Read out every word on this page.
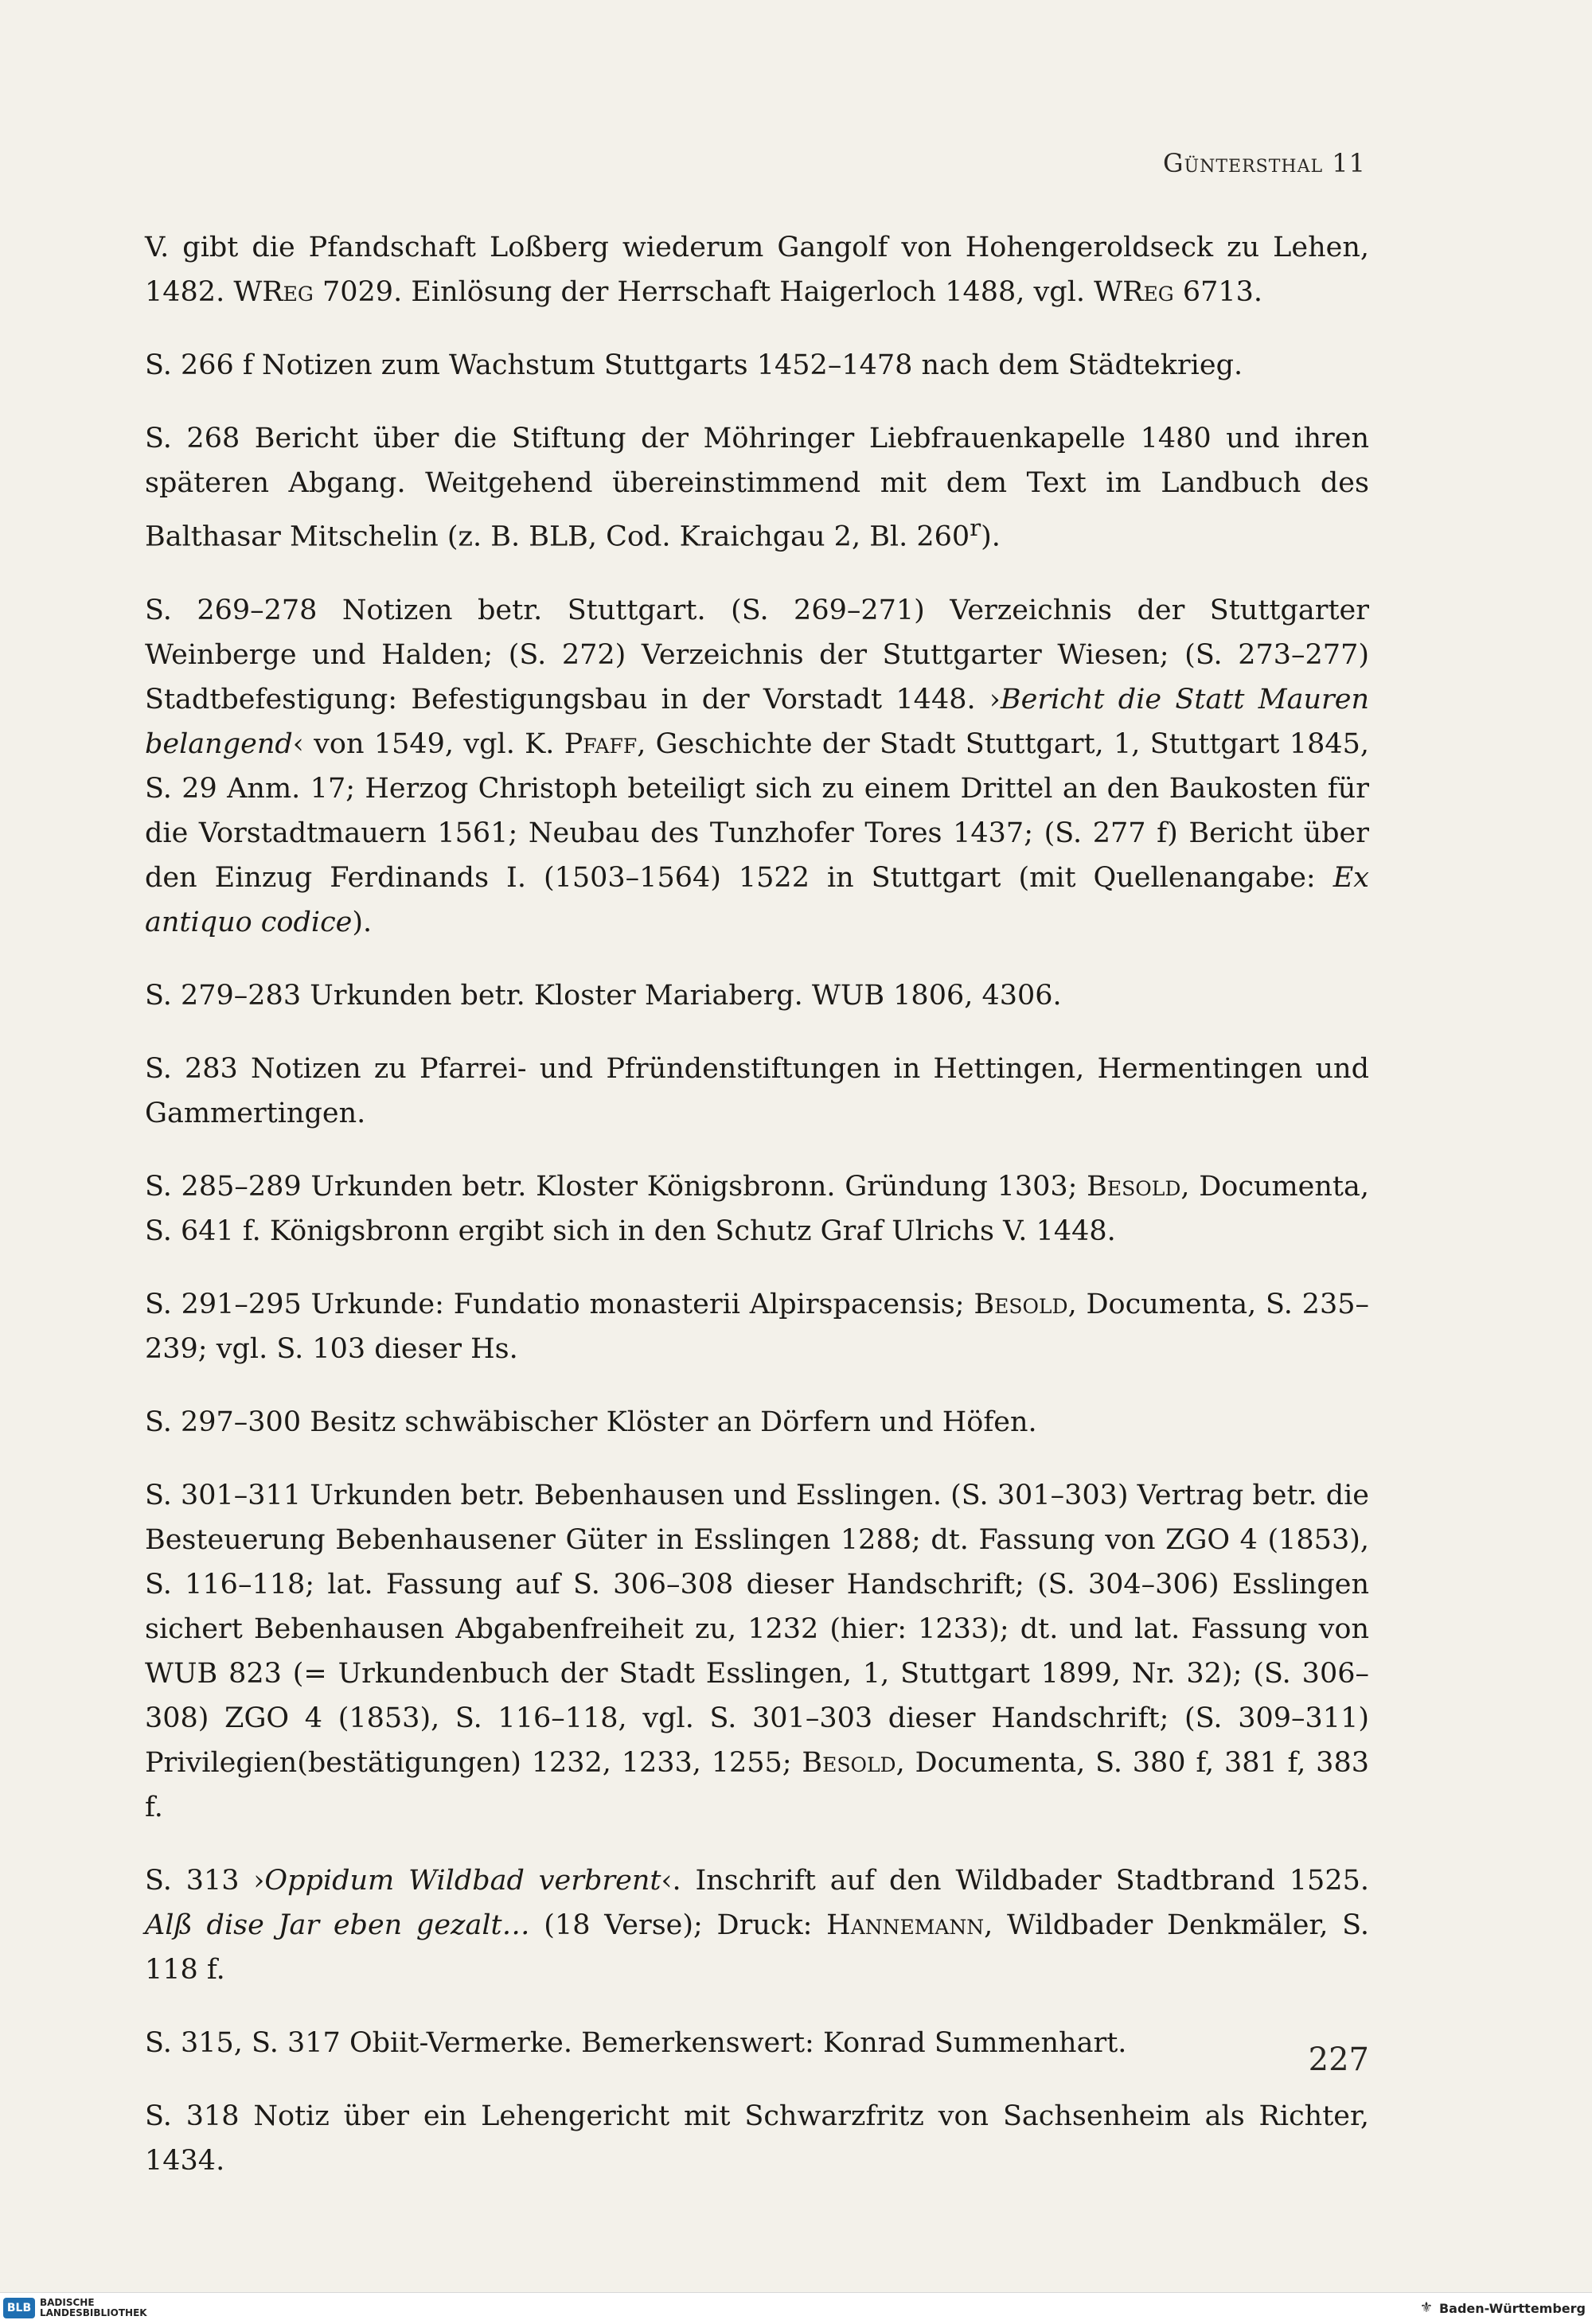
Güntersthal 11

V. gibt die Pfandschaft Loßberg wiederum Gangolf von Hohengeroldseck zu Lehen, 1482. WReg 7029. Einlösung der Herrschaft Haigerloch 1488, vgl. WReg 6713.

S. 266 f Notizen zum Wachstum Stuttgarts 1452–1478 nach dem Städtekrieg.

S. 268 Bericht über die Stiftung der Möhringer Liebfrauenkapelle 1480 und ihren späteren Abgang. Weitgehend übereinstimmend mit dem Text im Landbuch des Balthasar Mitschelin (z. B. BLB, Cod. Kraichgau 2, Bl. 260$^r$).

S. 269–278 Notizen betr. Stuttgart. (S. 269–271) Verzeichnis der Stuttgarter Weinberge und Halden; (S. 272) Verzeichnis der Stuttgarter Wiesen; (S. 273–277) Stadtbefestigung: Befestigungsbau in der Vorstadt 1448. ›Bericht die Statt Mauren belangend‹ von 1549, vgl. K. Pfaff, Geschichte der Stadt Stuttgart, 1, Stuttgart 1845, S. 29 Anm. 17; Herzog Christoph beteiligt sich zu einem Drittel an den Baukosten für die Vorstadtmauern 1561; Neubau des Tunzhofer Tores 1437; (S. 277 f) Bericht über den Einzug Ferdinands I. (1503–1564) 1522 in Stuttgart (mit Quellenangabe: Ex antiquo codice).

S. 279–283 Urkunden betr. Kloster Mariaberg. WUB 1806, 4306.

S. 283 Notizen zu Pfarrei- und Pfründenstiftungen in Hettingen, Hermentingen und Gammertingen.

S. 285–289 Urkunden betr. Kloster Königsbronn. Gründung 1303; Besold, Documenta, S. 641 f. Königsbronn ergibt sich in den Schutz Graf Ulrichs V. 1448.

S. 291–295 Urkunde: Fundatio monasterii Alpirspacensis; Besold, Documenta, S. 235–239; vgl. S. 103 dieser Hs.

S. 297–300 Besitz schwäbischer Klöster an Dörfern und Höfen.

S. 301–311 Urkunden betr. Bebenhausen und Esslingen. (S. 301–303) Vertrag betr. die Besteuerung Bebenhausener Güter in Esslingen 1288; dt. Fassung von ZGO 4 (1853), S. 116–118; lat. Fassung auf S. 306–308 dieser Handschrift; (S. 304–306) Esslingen sichert Bebenhausen Abgabenfreiheit zu, 1232 (hier: 1233); dt. und lat. Fassung von WUB 823 (= Urkundenbuch der Stadt Esslingen, 1, Stuttgart 1899, Nr. 32); (S. 306–308) ZGO 4 (1853), S. 116–118, vgl. S. 301–303 dieser Handschrift; (S. 309–311) Privilegien(bestätigungen) 1232, 1233, 1255; Besold, Documenta, S. 380 f, 381 f, 383 f.

S. 313 ›Oppidum Wildbad verbrent‹. Inschrift auf den Wildbader Stadtbrand 1525. Alß dise Jar eben gezalt… (18 Verse); Druck: Hannemann, Wildbader Denkmäler, S. 118 f.

S. 315, S. 317 Obiit-Vermerke. Bemerkenswert: Konrad Summenhart.

S. 318 Notiz über ein Lehengericht mit Schwarzfritz von Sachsenheim als Richter, 1434.

227
BLB BADISCHE
LANDESBIBLIOTHEK	⚜ Baden-Württemberg
